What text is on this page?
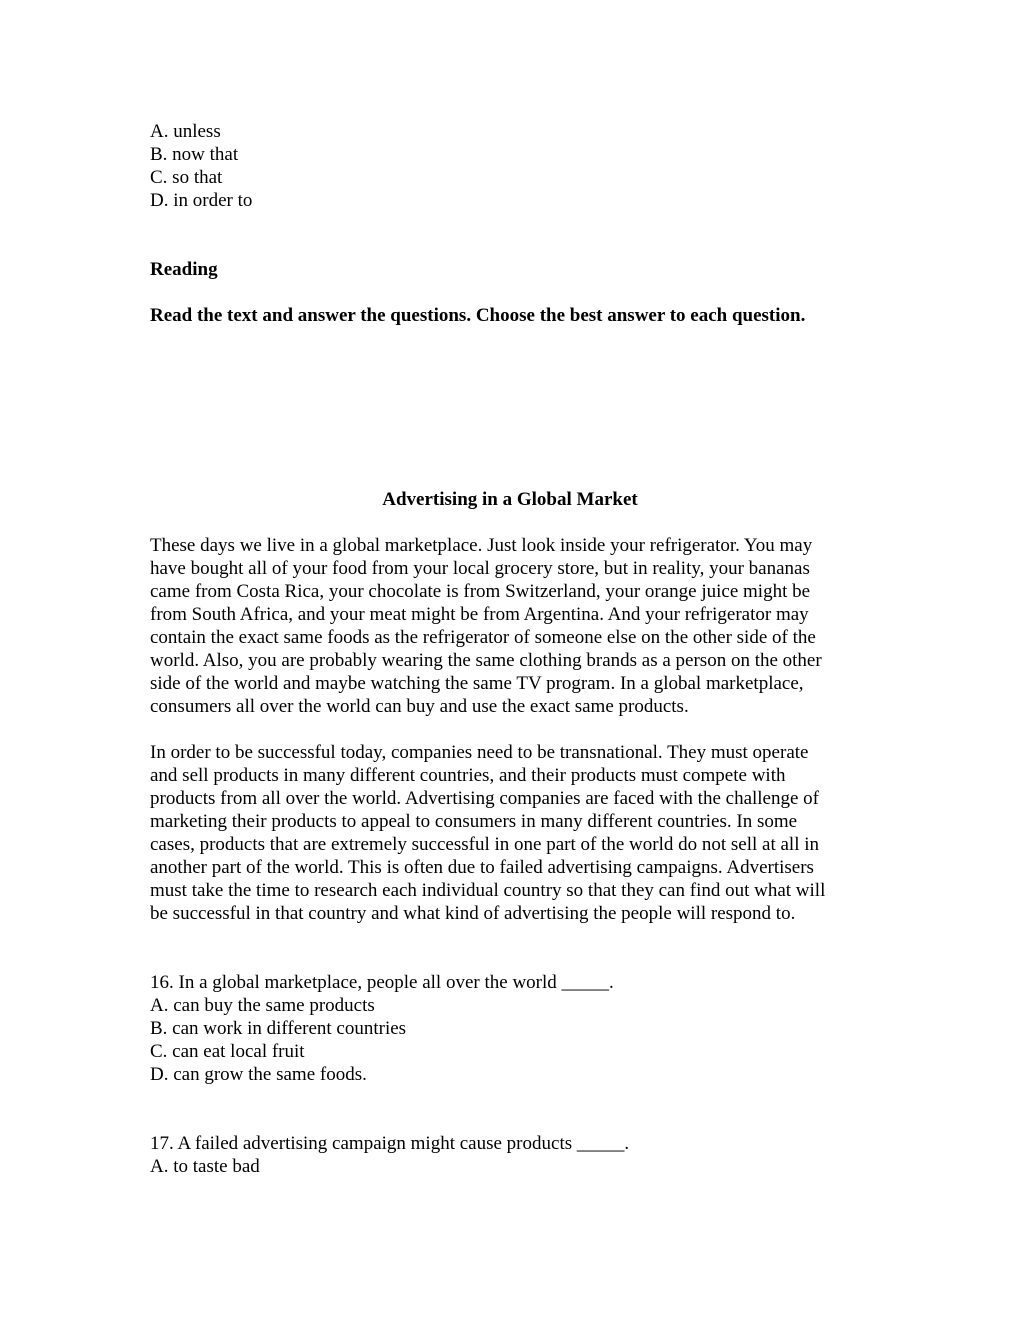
A. unless
B. now that
C. so that
D. in order to
Reading
Read the text and answer the questions. Choose the best answer to each question.
Advertising in a Global Market
These days we live in a global marketplace. Just look inside your refrigerator. You may
have bought all of your food from your local grocery store, but in reality, your bananas
came from Costa Rica, your chocolate is from Switzerland, your orange juice might be
from South Africa, and your meat might be from Argentina. And your refrigerator may
contain the exact same foods as the refrigerator of someone else on the other side of the
world. Also, you are probably wearing the same clothing brands as a person on the other
side of the world and maybe watching the same TV program. In a global marketplace,
consumers all over the world can buy and use the exact same products.
In order to be successful today, companies need to be transnational. They must operate
and sell products in many different countries, and their products must compete with
products from all over the world. Advertising companies are faced with the challenge of
marketing their products to appeal to consumers in many different countries. In some
cases, products that are extremely successful in one part of the world do not sell at all in
another part of the world. This is often due to failed advertising campaigns. Advertisers
must take the time to research each individual country so that they can find out what will
be successful in that country and what kind of advertising the people will respond to.
16. In a global marketplace, people all over the world _____.
A. can buy the same products
B. can work in different countries
C. can eat local fruit
D. can grow the same foods.
17. A failed advertising campaign might cause products _____.
A. to taste bad
